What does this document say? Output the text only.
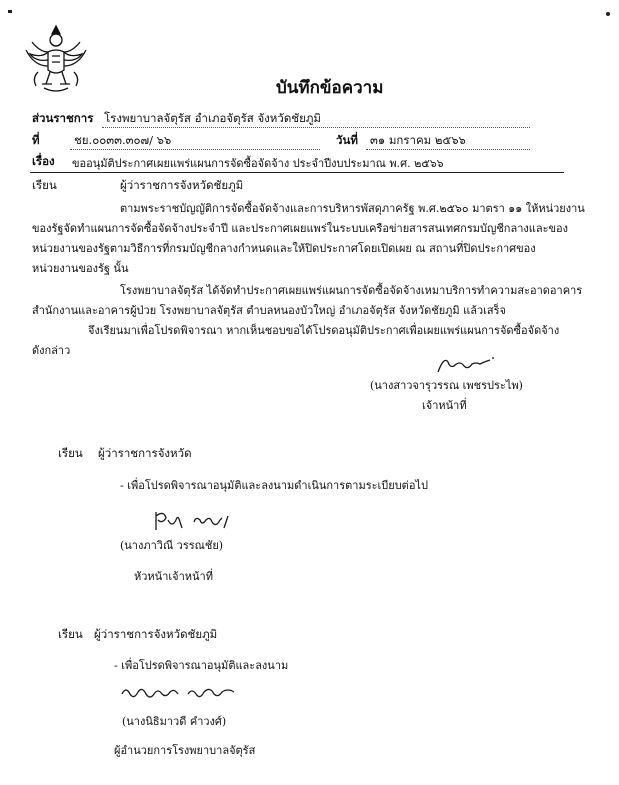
บันทึกข้อความ
ส่วนราชการ โรงพยาบาลจัตุรัส อำเภอจัตุรัส จังหวัดชัยภูมิ
ที่	ชย.๐๐๓๓.๓๐๗/ ๖๖	วันที่ ๓๑ มกราคม ๒๕๖๖
เรื่อง ขออนุมัติประกาศเผยแพร่แผนการจัดซื้อจัดจ้าง ประจำปีงบประมาณ พ.ศ. ๒๕๖๖
เรียน	ผู้ว่าราชการจังหวัดชัยภูมิ
ตามพระราชบัญญัติการจัดซื้อจัดจ้างและการบริหารพัสดุภาครัฐ พ.ศ.๒๕๖๐ มาตรา ๑๑ ให้หน่วยงาน
ของรัฐจัดทำแผนการจัดซื้อจัดจ้างประจำปี และประกาศเผยแพร่ในระบบเครือข่ายสารสนเทศกรมบัญชีกลางและของ
หน่วยงานของรัฐตามวิธีการที่กรมบัญชีกลางกำหนดและให้ปิดประกาศโดยเปิดเผย ณ สถานที่ปิดประกาศของ
หน่วยงานของรัฐ นั้น
โรงพยาบาลจัตุรัส ได้จัดทำประกาศเผยแพร่แผนการจัดซื้อจัดจ้างเหมาบริการทำความสะอาดอาคาร
สำนักงานและอาคารผู้ป่วย โรงพยาบาลจัตุรัส ตำบลหนองบัวใหญ่ อำเภอจัตุรัส จังหวัดชัยภูมิ แล้วเสร็จ
จึงเรียนมาเพื่อโปรดพิจารณา หากเห็นชอบขอได้โปรดอนุมัติประกาศเพื่อเผยแพร่แผนการจัดซื้อจัดจ้าง
ดังกล่าว
(นางสาวจารุวรรณ เพชรประไพ)
เจ้าหน้าที่
เรียน ผู้ว่าราชการจังหวัด
- เพื่อโปรดพิจารณาอนุมัติและลงนามดำเนินการตามระเบียบต่อไป
(นางภาวิณี วรรณชัย)
หัวหน้าเจ้าหน้าที่
เรียน ผู้ว่าราชการจังหวัดชัยภูมิ
- เพื่อโปรดพิจารณาอนุมัติและลงนาม
(นางนิธิมาวดี คำวงศ์)
ผู้อำนวยการโรงพยาบาลจัตุรัส
